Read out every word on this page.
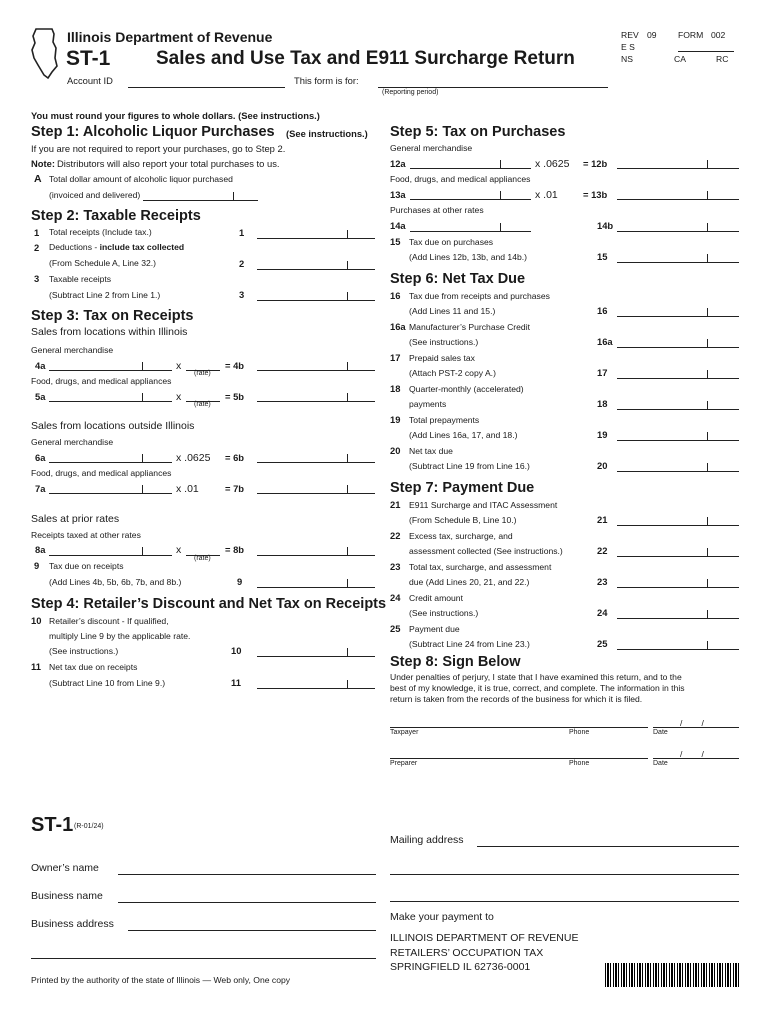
Illinois Department of Revenue
ST-1 Sales and Use Tax and E911 Surcharge Return
Account ID	This form is for:
(Reporting period)
REV 09 FORM 002
E S
NS	CA	RC
You must round your figures to whole dollars. (See instructions.)
Step 1: Alcoholic Liquor Purchases (See instructions.)
If you are not required to report your purchases, go to Step 2.
Note: Distributors will also report your total purchases to us.
A Total dollar amount of alcoholic liquor purchased
(invoiced and delivered)
Step 2: Taxable Receipts
1 Total receipts (Include tax.)	1
2 Deductions - include tax collected
(From Schedule A, Line 32.)	2
3 Taxable receipts
(Subtract Line 2 from Line 1.)	3
Step 3: Tax on Receipts
Sales from locations within Illinois
General merchandise
4a	x
(rate)
= 4b
Food, drugs, and medical appliances
5a	x
(rate)
= 5b
Sales from locations outside Illinois
General merchandise
6a	x .0625 = 6b
Food, drugs, and medical appliances
7a	x .01	= 7b
Sales at prior rates
Receipts taxed at other rates
8a	x
(rate)
= 8b
9 Tax due on receipts
(Add Lines 4b, 5b, 6b, 7b, and 8b.)	9
Step 4: Retailer’s Discount and Net Tax on Receipts
10 Retailer’s discount - If qualified,
multiply Line 9 by the applicable rate.
(See instructions.)	10
11 Net tax due on receipts
(Subtract Line 10 from Line 9.)	11
Step 5: Tax on Purchases
General merchandise
12a	x .0625 = 12b
Food, drugs, and medical appliances
13a	x .01	= 13b
Purchases at other rates
14a	14b
15 Tax due on purchases
(Add Lines 12b, 13b, and 14b.)	15
Step 6: Net Tax Due
16 Tax due from receipts and purchases
(Add Lines 11 and 15.)	16
16a Manufacturer’s Purchase Credit
(See instructions.)	16a
17 Prepaid sales tax
(Attach PST-2 copy A.)	17
18 Quarter-monthly (accelerated)
payments	18
19 Total prepayments
(Add Lines 16a, 17, and 18.)	19
20 Net tax due
(Subtract Line 19 from Line 16.)	20
Step 7: Payment Due
21 E911 Surcharge and ITAC Assessment
(From Schedule B, Line 10.)	21
22 Excess tax, surcharge, and
assessment collected (See instructions.)	22
23 Total tax, surcharge, and assessment
due (Add Lines 20, 21, and 22.)	23
24 Credit amount
(See instructions.)	24
25 Payment due
(Subtract Line 24 from Line 23.)	25
Step 8: Sign Below
Under penalties of perjury, I state that I have examined this return, and to the
best of my knowledge, it is true, correct, and complete. The information in this
return is taken from the records of the business for which it is filed.
/        /
Taxpayer	Phone	Date
/        /
Preparer	Phone	Date
ST-1 (R-01/24)
Owner’s name
Business name
Business address
Mailing address
Make your payment to
ILLINOIS DEPARTMENT OF REVENUE
RETAILERS’ OCCUPATION TAX
SPRINGFIELD IL 62736-0001
Printed by the authority of the state of Illinois — Web only, One copy
